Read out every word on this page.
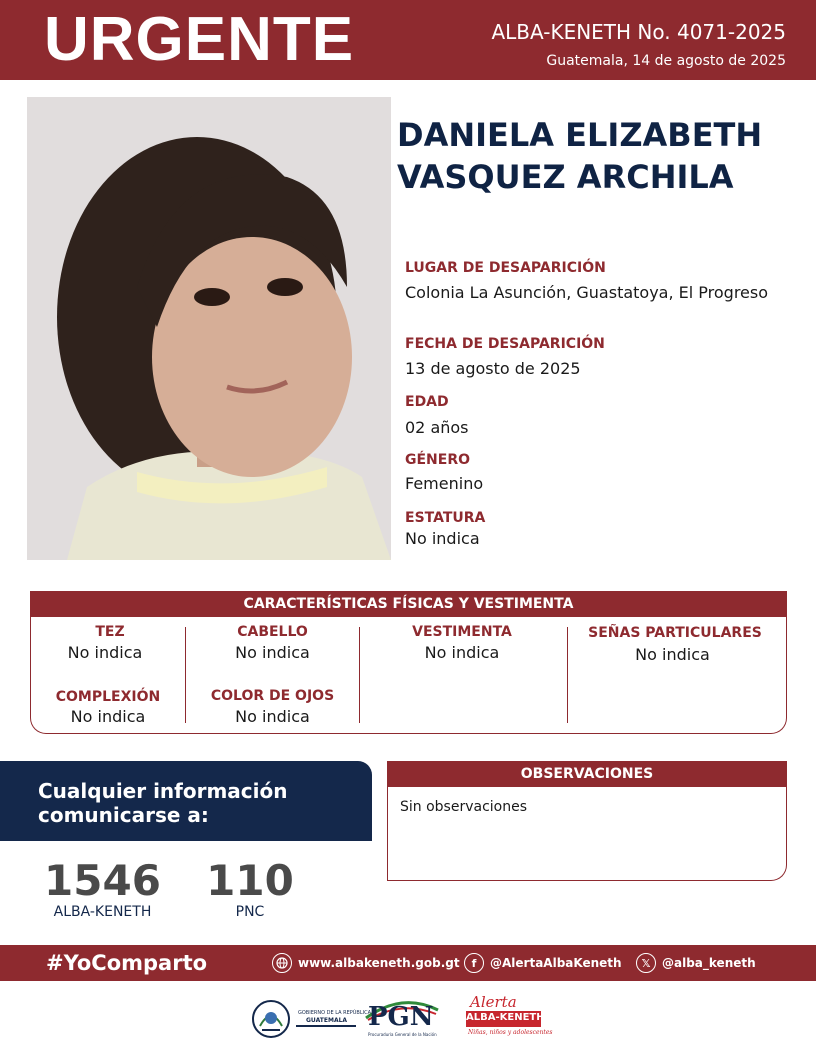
URGENTE	ALBA-KENETH No. 4071-2025
Guatemala, 14 de agosto de 2025
DANIELA ELIZABETH
VASQUEZ ARCHILA
LUGAR DE DESAPARICIÓN
Colonia La Asunción, Guastatoya, El Progreso
FECHA DE DESAPARICIÓN
13 de agosto de 2025
EDAD
02 años
GÉNERO
Femenino
ESTATURA
No indica
CARACTERÍSTICAS FÍSICAS Y VESTIMENTA
TEZ
No indica
CABELLO
No indica
VESTIMENTA
No indica
SEÑAS PARTICULARES
No indica
COMPLEXIÓN
No indica
COLOR DE OJOS
No indica
Cualquier información
comunicarse a:
1546
ALBA-KENETH
110
PNC
OBSERVACIONES
Sin observaciones
#YoComparto	www.albakeneth.gob.gt	f	@AlertaAlbaKeneth	𝕏 @alba_keneth
GOBIERNO DE LA REPÚBLICA
GUATEMALA PGN
Procuraduría General de la Nación
Alerta
ALBA-KENETH
Niñas, niños y adolescentes
